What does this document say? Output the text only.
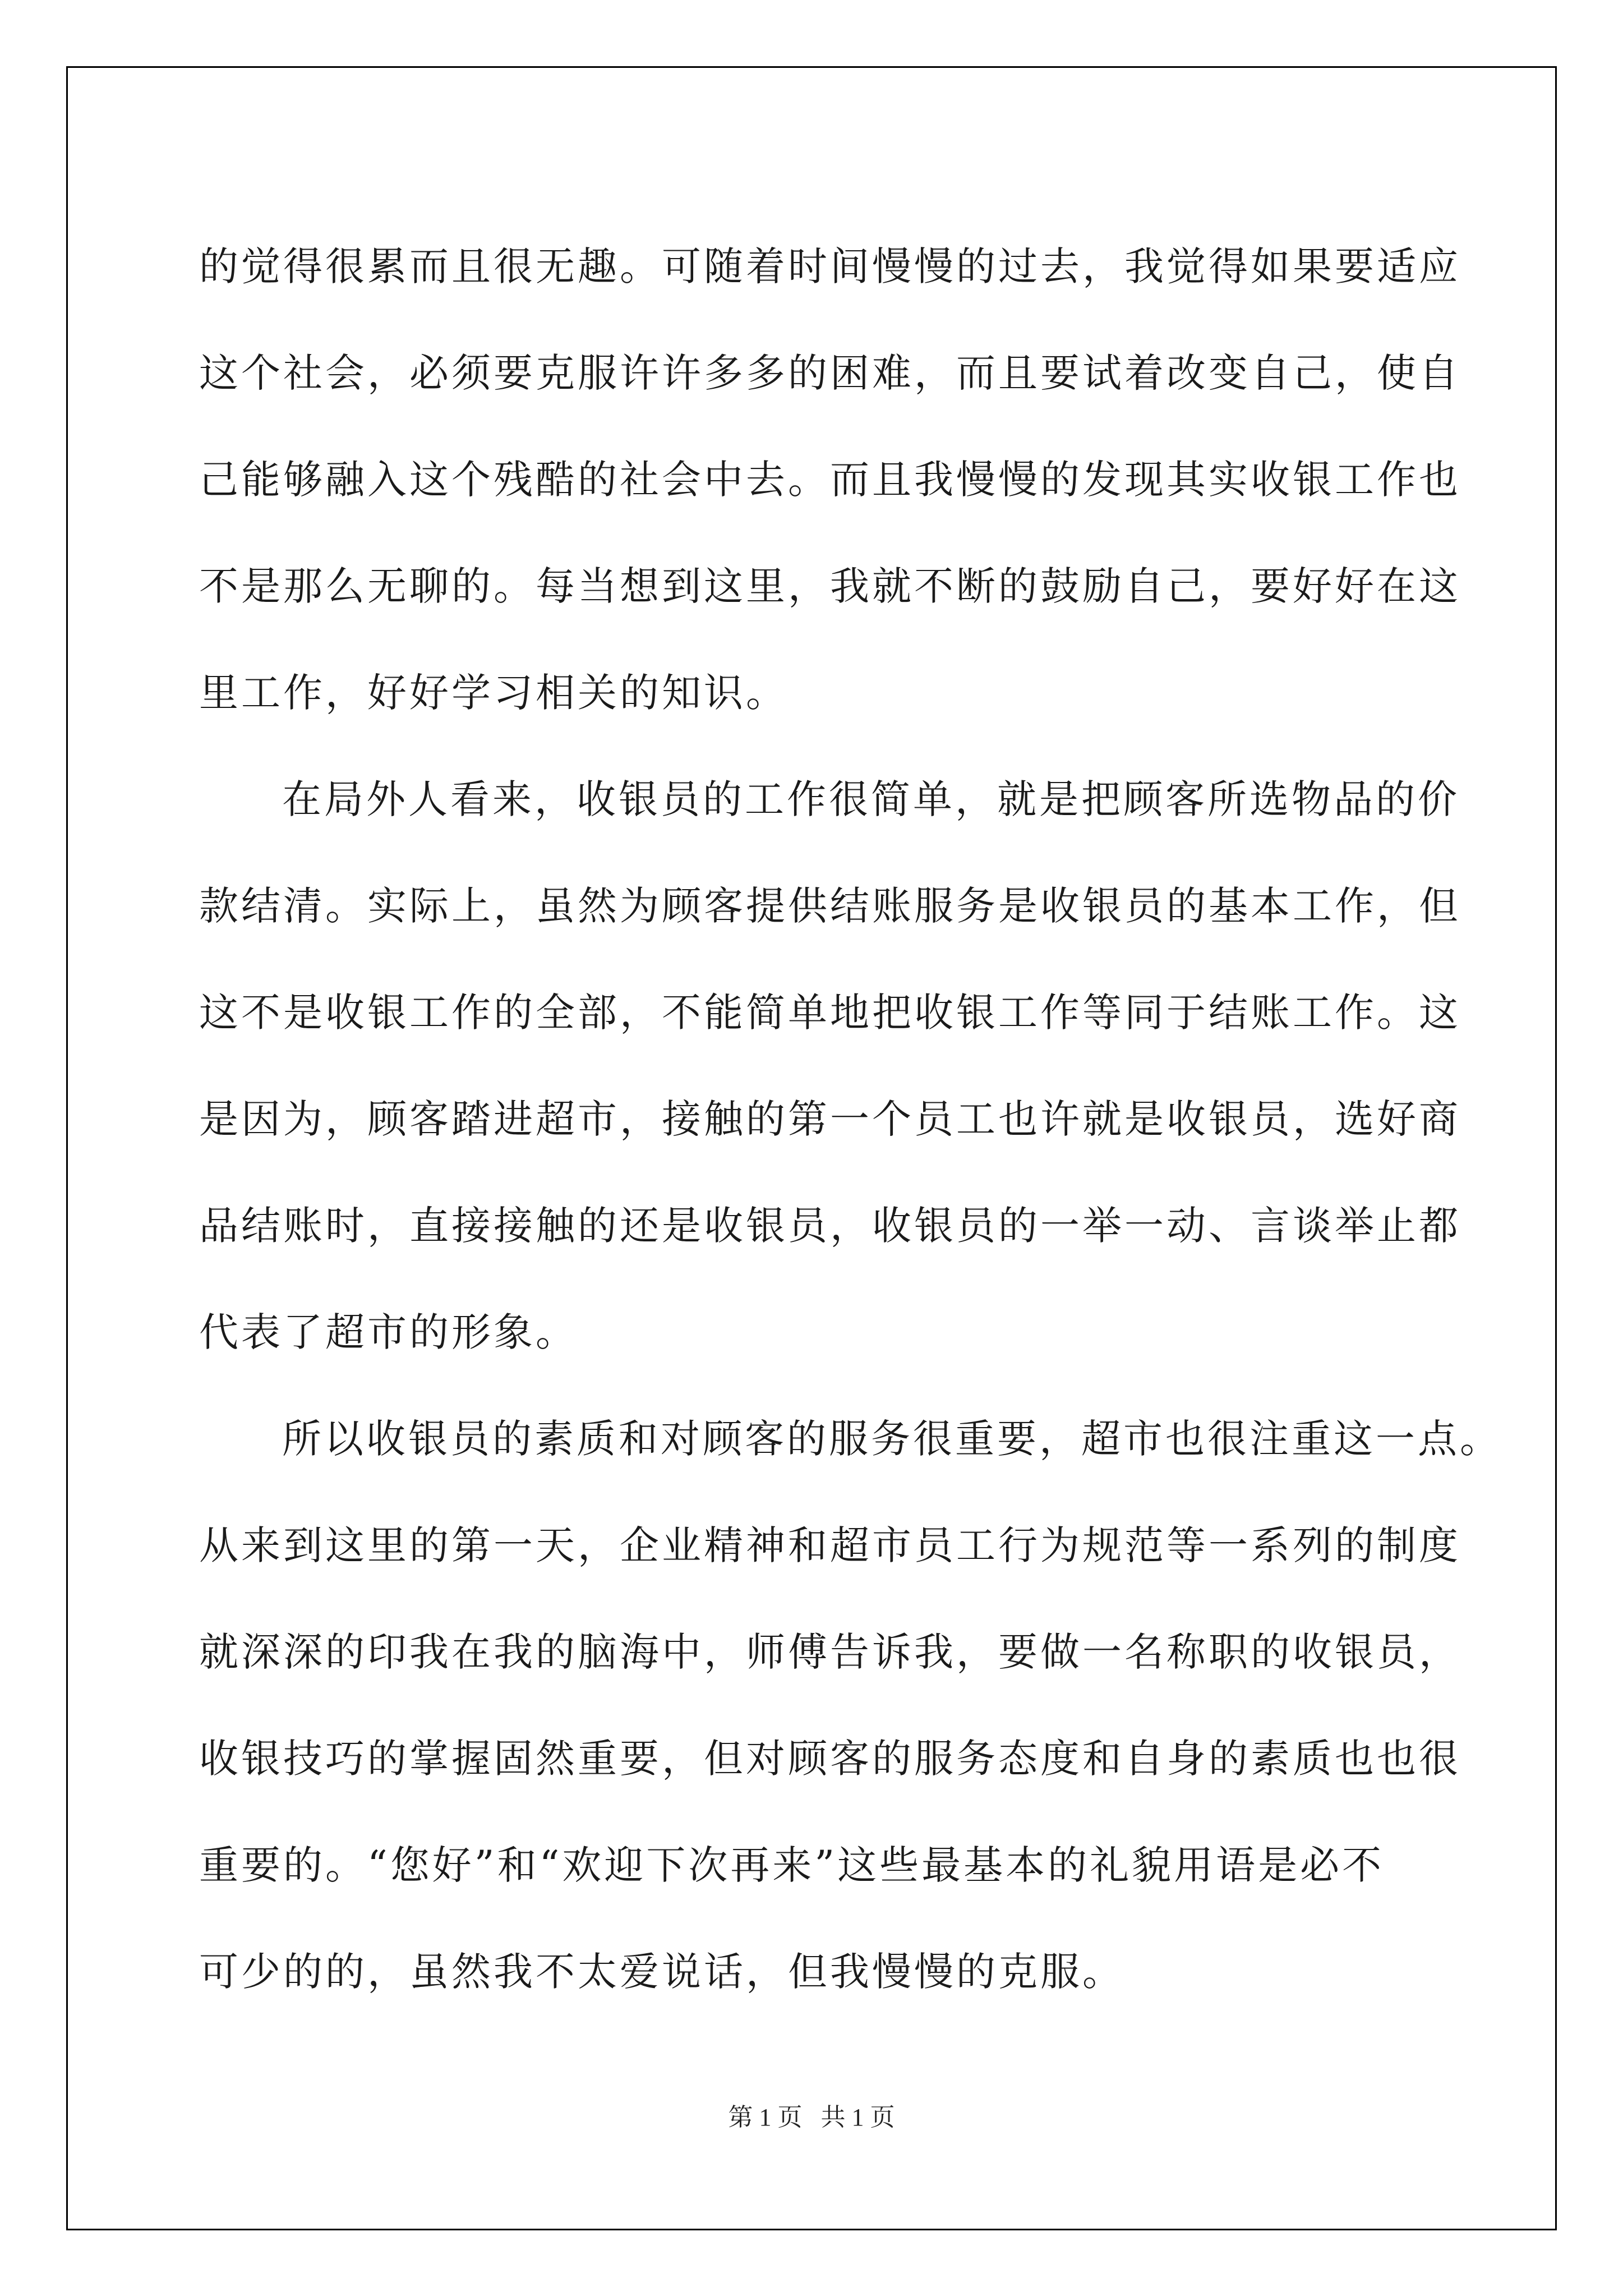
的觉得很累而且很无趣。可随着时间慢慢的过去，我觉得如果要适应
这个社会，必须要克服许许多多的困难，而且要试着改变自己，使自
己能够融入这个残酷的社会中去。而且我慢慢的发现其实收银工作也
不是那么无聊的。每当想到这里，我就不断的鼓励自己，要好好在这
里工作，好好学习相关的知识。
在局外人看来，收银员的工作很简单，就是把顾客所选物品的价
款结清。实际上，虽然为顾客提供结账服务是收银员的基本工作，但
这不是收银工作的全部，不能简单地把收银工作等同于结账工作。这
是因为，顾客踏进超市，接触的第一个员工也许就是收银员，选好商
品结账时，直接接触的还是收银员，收银员的一举一动、言谈举止都
代表了超市的形象。
所以收银员的素质和对顾客的服务很重要，超市也很注重这一点。
从来到这里的第一天，企业精神和超市员工行为规范等一系列的制度
就深深的印我在我的脑海中，师傅告诉我，要做一名称职的收银员，
收银技巧的掌握固然重要，但对顾客的服务态度和自身的素质也也很
重要的。“您好”和“欢迎下次再来”这些最基本的礼貌用语是必不
可少的的，虽然我不太爱说话，但我慢慢的克服。
第 1 页 共 1 页
